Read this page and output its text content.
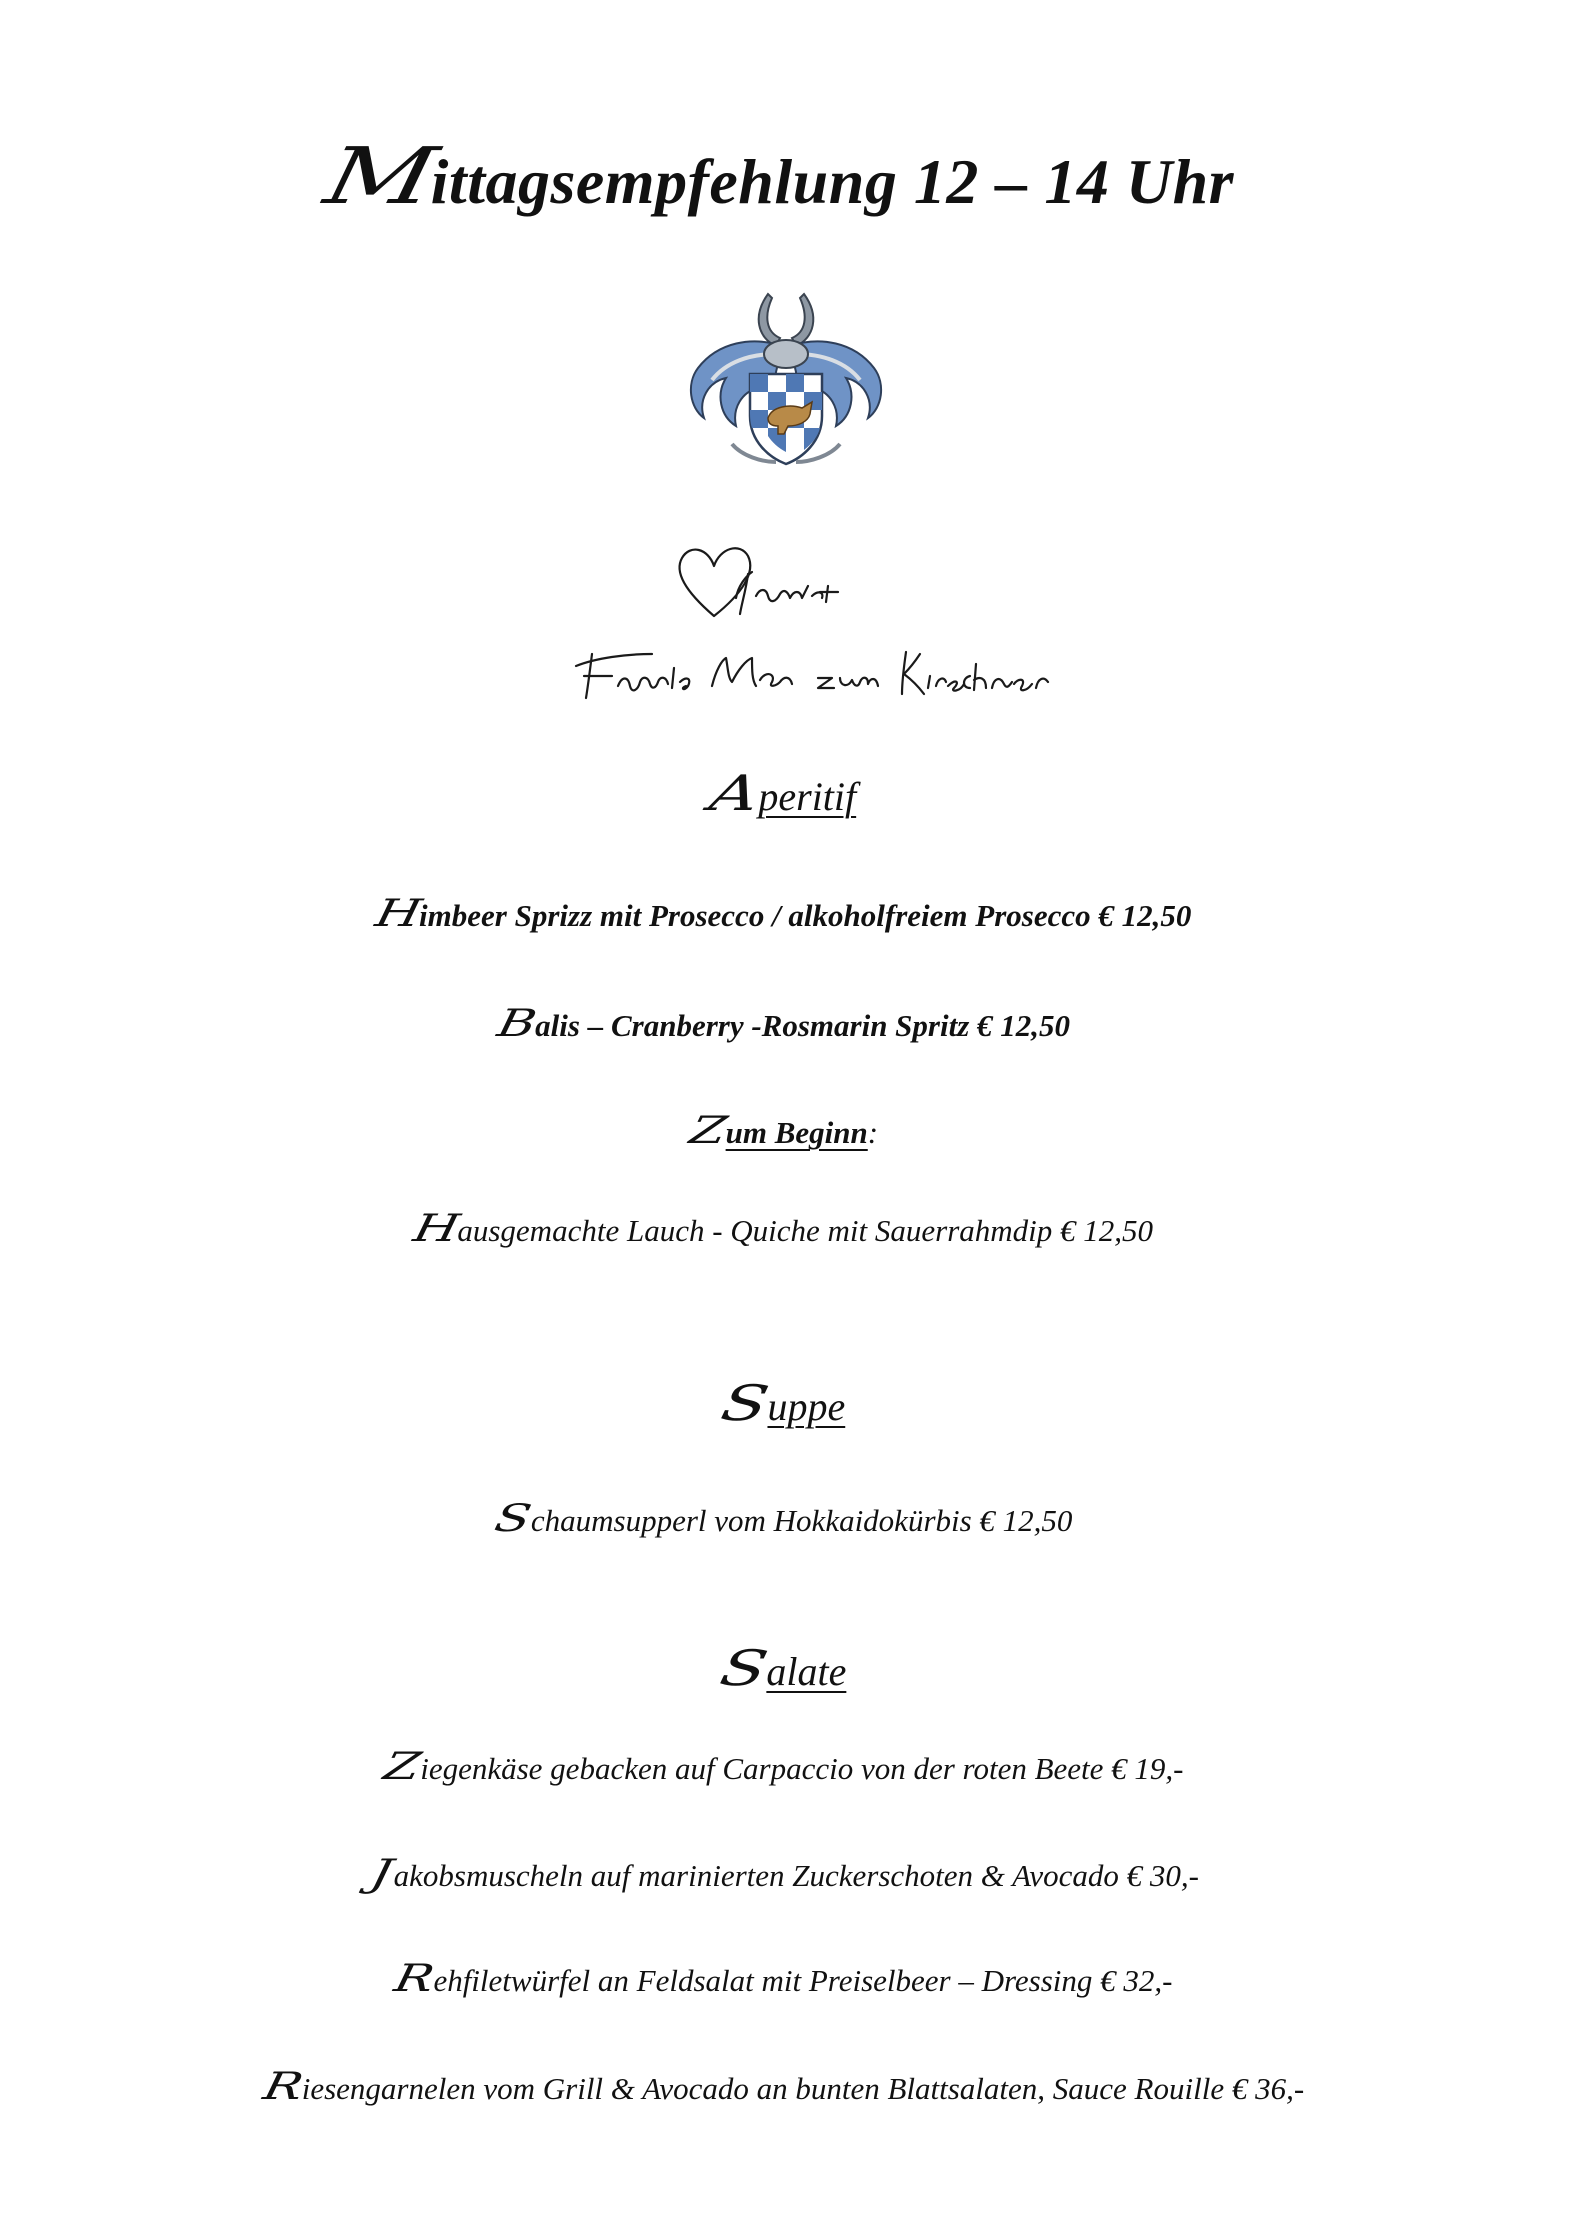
Mittagsempfehlung 12 – 14 Uhr
Aperitif
Himbeer Sprizz mit Prosecco / alkoholfreiem Prosecco € 12,50
Balis – Cranberry -Rosmarin Spritz € 12,50
Zum Beginn:
Hausgemachte Lauch - Quiche mit Sauerrahmdip € 12,50
Suppe
Schaumsupperl vom Hokkaidokürbis € 12,50
Salate
Ziegenkäse gebacken auf Carpaccio von der roten Beete € 19,-
Jakobsmuscheln auf marinierten Zuckerschoten & Avocado € 30,-
Rehfiletwürfel an Feldsalat mit Preiselbeer – Dressing € 32,-
Riesengarnelen vom Grill & Avocado an bunten Blattsalaten, Sauce Rouille € 36,-
